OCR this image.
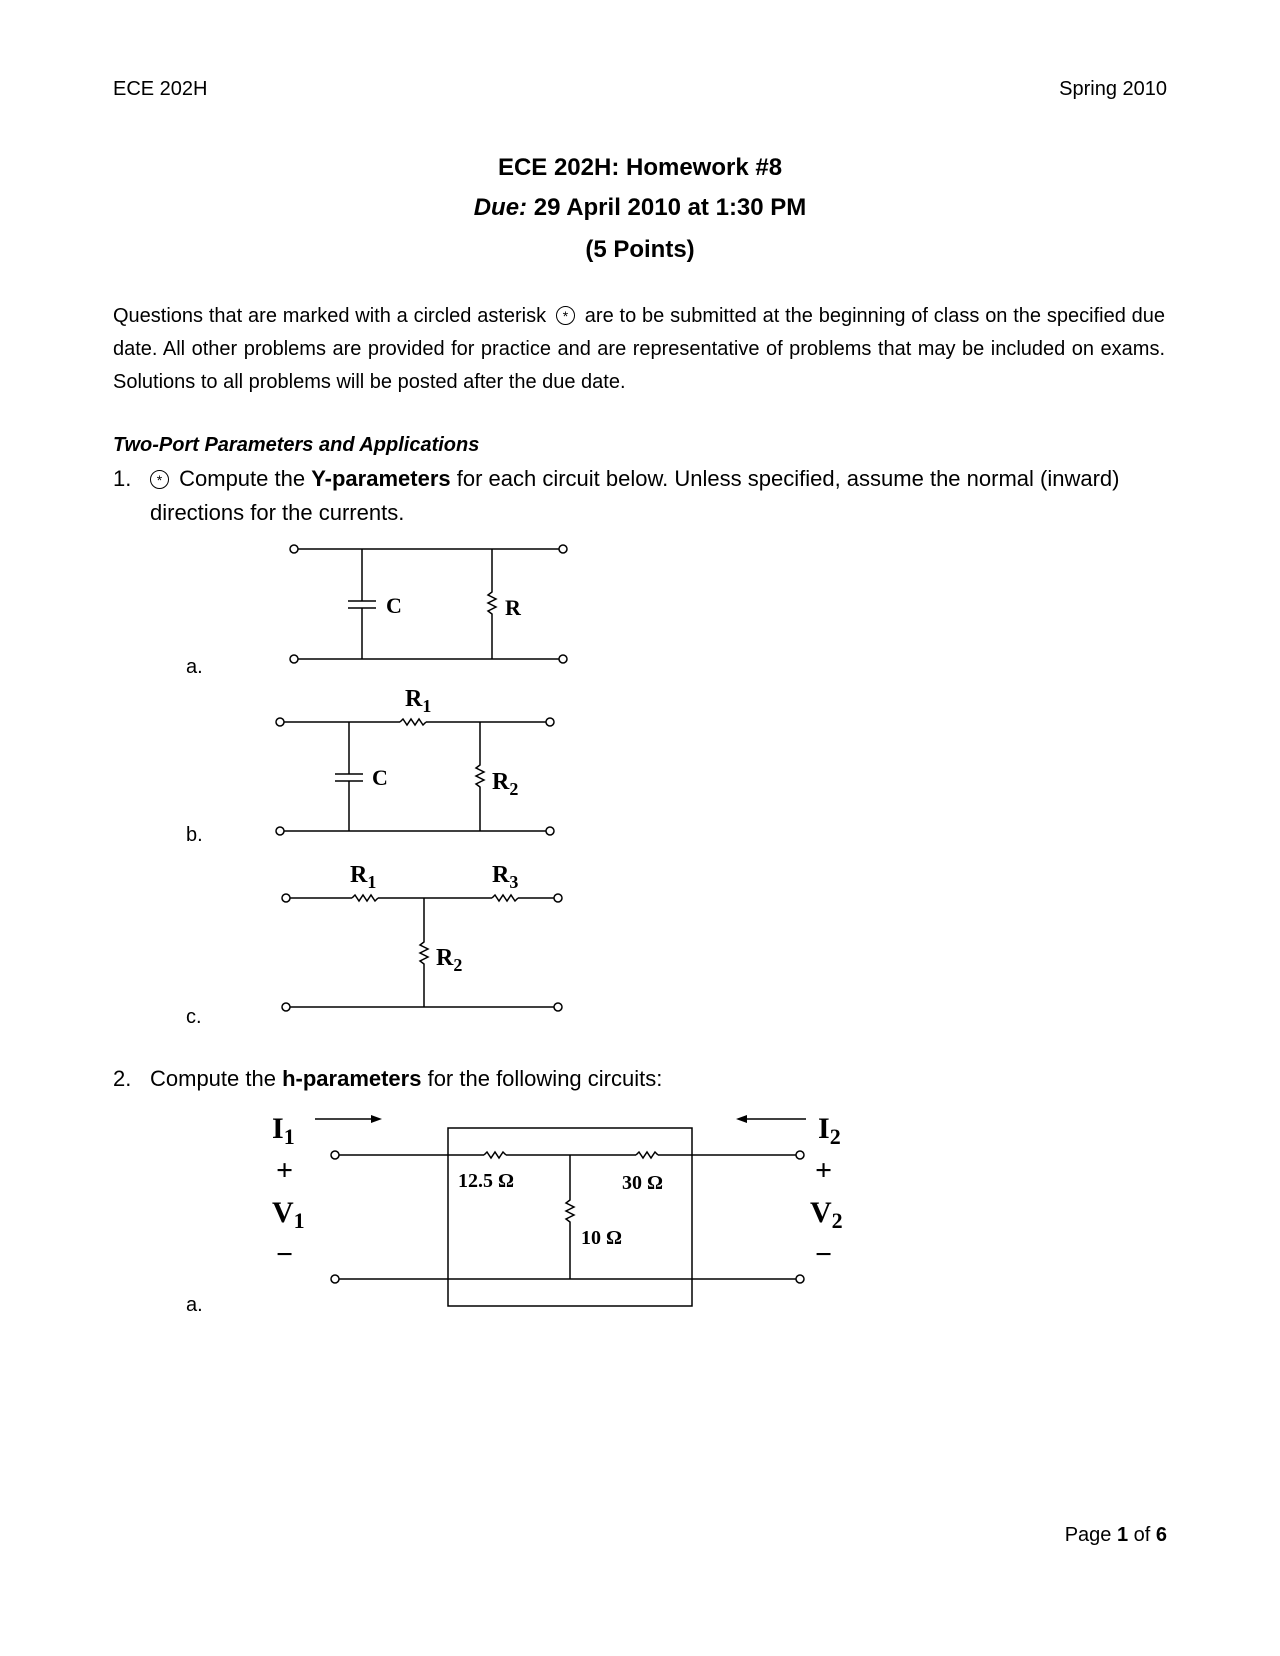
ECE 202H	Spring 2010
ECE 202H: Homework #8
Due: 29 April 2010 at 1:30 PM
(5 Points)
Questions that are marked with a circled asterisk * are to be submitted at the beginning of class on the specified due date. All other problems are provided for practice and are representative of problems that may be included on exams. Solutions to all problems will be posted after the due date.
Two-Port Parameters and Applications
1.	* Compute the Y-parameters for each circuit below. Unless specified, assume the normal (inward)
directions for the currents.
a.
b.
c.
C	R
$R_1$
C	$R_2$
$R_1$	$R_3$
$R_2$
$I_1$	$I_2$
+	+
$V_1$	$V_2$
−	−
12.5 Ω	30 Ω
10 Ω
2. Compute the h-parameters for the following circuits:
a.
Page 1 of 6
